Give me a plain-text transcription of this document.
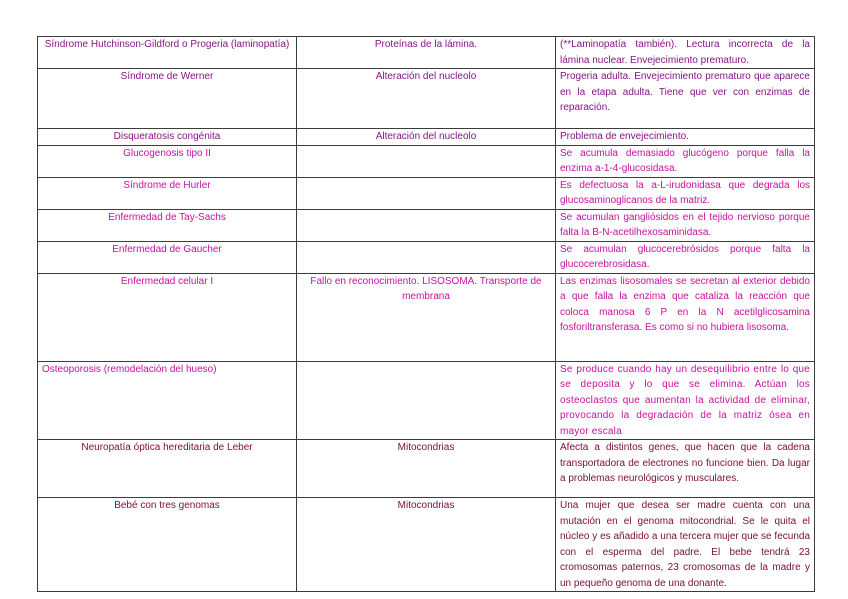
Síndrome Hutchinson-Gildford o Progeria (laminopatía)	Proteínas de la lámina.	(**Laminopatía también). Lectura incorrecta de la lámina nuclear. Envejecimiento prematuro.
Síndrome de Werner	Alteración del nucleolo	Progeria adulta. Envejecimiento prematuro que aparece en la etapa adulta. Tiene que ver con enzimas de reparación.
Disqueratosis congénita	Alteración del nucleolo	Problema de envejecimiento.
Glucogenosis tipo II		Se acumula demasiado glucógeno porque falla la enzima a-1-4-glucosidasa.
Síndrome de Hurler		Es defectuosa la a-L-irudonidasa que degrada los glucosaminoglicanos de la matriz.
Enfermedad de Tay-Sachs		Se acumulan gangliósidos en el tejido nervioso porque falta la B-N-acetilhexosaminidasa.
Enfermedad de Gaucher		Se acumulan glucocerebrósidos porque falta la glucocerebrosidasa.
Enfermedad celular I	Fallo en reconocimiento. LISOSOMA. Transporte de membrana	Las enzimas lisosomales se secretan al exterior debido a que falla la enzima que cataliza la reacción que coloca manosa 6 P en la N acetilglicosamina fosforiltransferasa. Es como si no hubiera lisosoma.
Osteoporosis (remodelación del hueso)		Se produce cuando hay un desequilibrio entre lo que se deposita y lo que se elimina. Actúan los osteoclastos que aumentan la actividad de eliminar, provocando la degradación de la matriz ósea en mayor escala
Neuropatía óptica hereditaria de Leber	Mitocondrias	Afecta a distintos genes, que hacen que la cadena transportadora de electrones no funcione bien. Da lugar a problemas neurológicos y musculares.
Bebé con tres genomas	Mitocondrias	Una mujer que desea ser madre cuenta con una mutación en el genoma mitocondrial. Se le quita el núcleo y es añadido a una tercera mujer que se fecunda con el esperma del padre. El bebe tendrá 23 cromosomas paternos, 23 cromosomas de la madre y un pequeño genoma de una donante.
